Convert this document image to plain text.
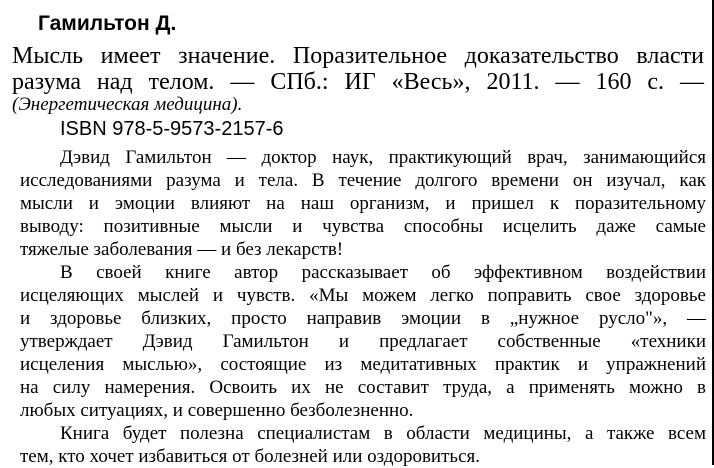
Гамильтон Д.
Мысль имеет значение. Поразительное доказательство власти
разума над телом. — СПб.: ИГ «Весь», 2011. — 160 с. —
(Энергетическая медицина).
ISBN 978-5-9573-2157-6
Дэвид Гамильтон — доктор наук, практикующий врач, занимающийся
исследованиями разума и тела. В течение долгого времени он изучал, как
мысли и эмоции влияют на наш организм, и пришел к поразительному
выводу: позитивные мысли и чувства способны исцелить даже самые
тяжелые заболевания — и без лекарств!
В своей книге автор рассказывает об эффективном воздействии
исцеляющих мыслей и чувств. «Мы можем легко поправить свое здоровье
и здоровье близких, просто направив эмоции в „нужное русло"», —
утверждает Дэвид Гамильтон и предлагает собственные «техники
исцеления мыслью», состоящие из медитативных практик и упражнений
на силу намерения. Освоить их не составит труда, а применять можно в
любых ситуациях, и совершенно безболезненно.
Книга будет полезна специалистам в области медицины, а также всем
тем, кто хочет избавиться от болезней или оздоровиться.
